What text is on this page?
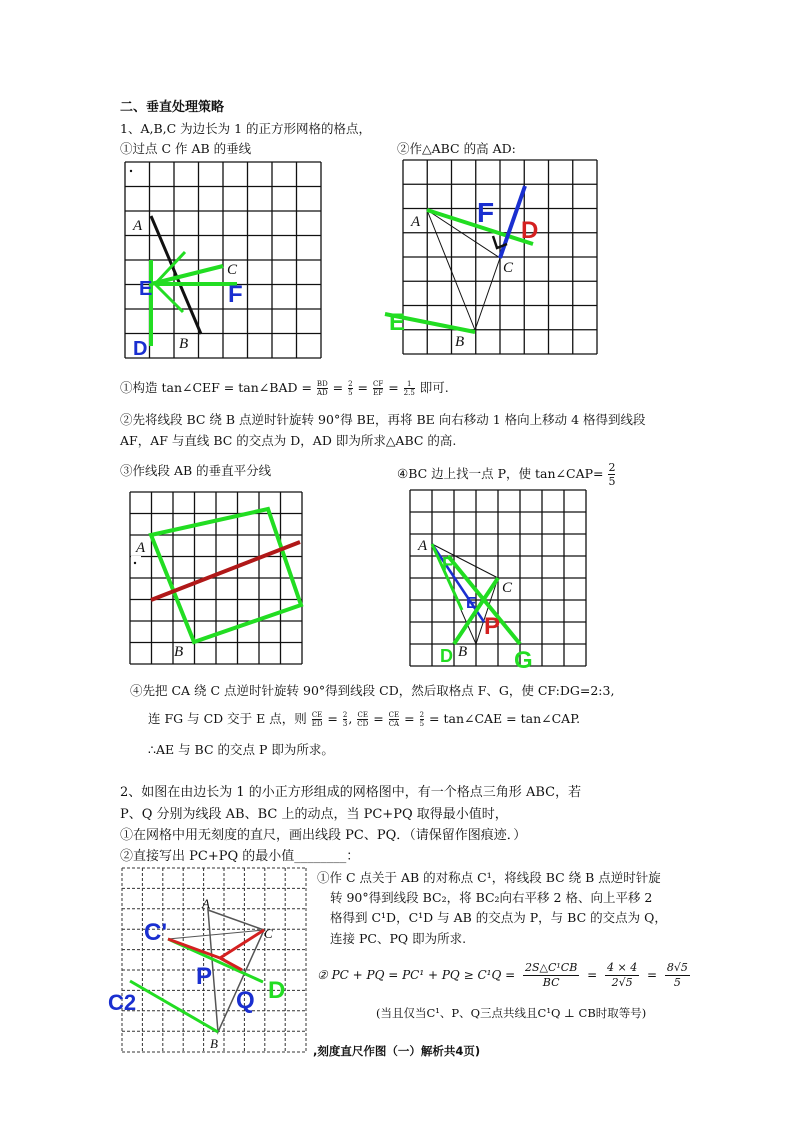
二、垂直处理策略
1、A,B,C 为边长为 1 的正方形网格的格点，
①过点 C 作 AB 的垂线	②作△ABC 的高 AD:
A
B
C
E	F
D
A
B
C
E
F
D
①构造 tan∠CEF = tan∠BAD = $\frac{BD}{AD} = \frac{2}{5} = \frac{CF}{EF} = \frac{1}{2.5}$ 即可.
②先将线段 BC 绕 B 点逆时针旋转 90°得 BE，再将 BE 向右移动 1 格向上移动 4 格得到线段
AF，AF 与直线 BC 的交点为 D，AD 即为所求△ABC 的高.
③作线段 AB 的垂直平分线	④BC 边上找一点 P，使 tan∠CAP= $\frac{2}{5}$
A
B
A
B
C
F
E
P
D	G
④先把 CA 绕 C 点逆时针旋转 90°得到线段 CD，然后取格点 F、G，使 CF:DG=2:3,
连 FG 与 CD 交于 E 点，则 $\frac{CE}{ED} = \frac{2}{3}$ , $\frac{CE}{CD} = \frac{CE}{CA} = \frac{2}{5}$ = tan∠CAE = tan∠CAP.
∴AE 与 BC 的交点 P 即为所求。
2、如图在由边长为 1 的小正方形组成的网格图中，有一个格点三角形 ABC，若
P、Q 分别为线段 AB、BC 上的动点，当 PC+PQ 取得最小值时，
①在网格中用无刻度的直尺，画出线段 PC、PQ．（请保留作图痕迹．）
②直接写出 PC+PQ 的最小值________：
A
B
C
C'
P
Q D
C2
①作 C 点关于 AB 的对称点 C¹，将线段 BC 绕 B 点逆时针旋
转 90°得到线段 BC₂，将 BC₂向右平移 2 格、向上平移 2
格得到 C¹D，C¹D 与 AB 的交点为 P，与 BC 的交点为 Q，
连接 PC、PQ 即为所求.
② PC + PQ = PC¹ + PQ ≥ $C^1Q = \frac{\text{2S△C¹CB}}{BC} = \frac{4 \times 4}{2√5} = \frac{8√5}{5}$
(当且仅当C¹、P、Q三点共线且C¹Q ⊥ CB时取等号)
,刻度直尺作图（一）解析共4页)
